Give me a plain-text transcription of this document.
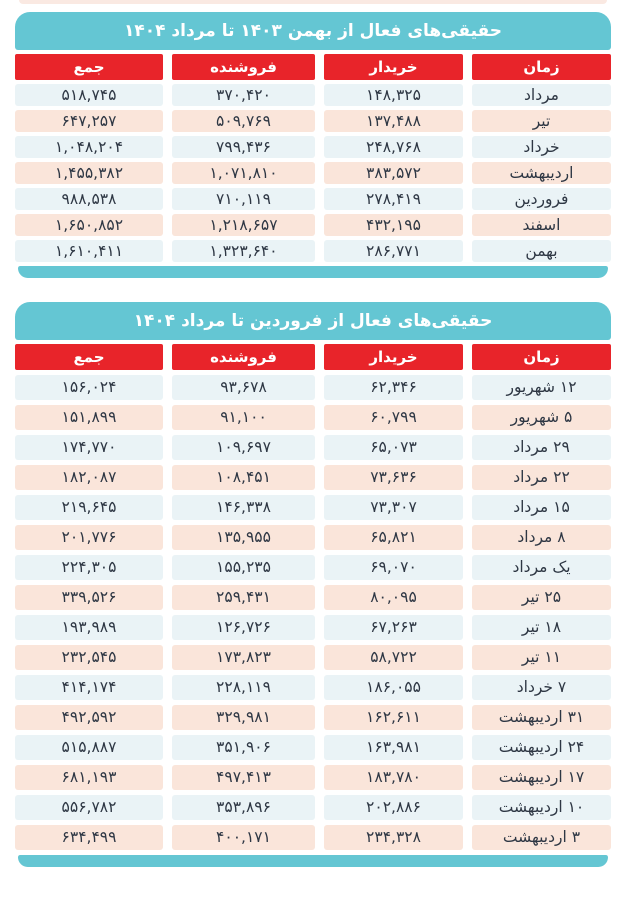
حقیقی‌های فعال از بهمن ۱۴۰۳ تا مرداد ۱۴۰۴
زمان
خریدار
فروشنده
جمع
مرداد
۱۴۸,۳۲۵
۳۷۰,۴۲۰
۵۱۸,۷۴۵
تیر
۱۳۷,۴۸۸
۵۰۹,۷۶۹
۶۴۷,۲۵۷
خرداد
۲۴۸,۷۶۸
۷۹۹,۴۳۶
۱,۰۴۸,۲۰۴
اردیبهشت
۳۸۳,۵۷۲
۱,۰۷۱,۸۱۰
۱,۴۵۵,۳۸۲
فروردین
۲۷۸,۴۱۹
۷۱۰,۱۱۹
۹۸۸,۵۳۸
اسفند
۴۳۲,۱۹۵
۱,۲۱۸,۶۵۷
۱,۶۵۰,۸۵۲
بهمن
۲۸۶,۷۷۱
۱,۳۲۳,۶۴۰
۱,۶۱۰,۴۱۱
حقیقی‌های فعال از فروردین تا مرداد ۱۴۰۴
زمان
خریدار
فروشنده
جمع
۱۲ شهریور
۶۲,۳۴۶
۹۳,۶۷۸
۱۵۶,۰۲۴
۵ شهریور
۶۰,۷۹۹
۹۱,۱۰۰
۱۵۱,۸۹۹
۲۹ مرداد
۶۵,۰۷۳
۱۰۹,۶۹۷
۱۷۴,۷۷۰
۲۲ مرداد
۷۳,۶۳۶
۱۰۸,۴۵۱
۱۸۲,۰۸۷
۱۵ مرداد
۷۳,۳۰۷
۱۴۶,۳۳۸
۲۱۹,۶۴۵
۸ مرداد
۶۵,۸۲۱
۱۳۵,۹۵۵
۲۰۱,۷۷۶
یک مرداد
۶۹,۰۷۰
۱۵۵,۲۳۵
۲۲۴,۳۰۵
۲۵ تیر
۸۰,۰۹۵
۲۵۹,۴۳۱
۳۳۹,۵۲۶
۱۸ تیر
۶۷,۲۶۳
۱۲۶,۷۲۶
۱۹۳,۹۸۹
۱۱ تیر
۵۸,۷۲۲
۱۷۳,۸۲۳
۲۳۲,۵۴۵
۷ خرداد
۱۸۶,۰۵۵
۲۲۸,۱۱۹
۴۱۴,۱۷۴
۳۱ اردیبهشت
۱۶۲,۶۱۱
۳۲۹,۹۸۱
۴۹۲,۵۹۲
۲۴ اردیبهشت
۱۶۳,۹۸۱
۳۵۱,۹۰۶
۵۱۵,۸۸۷
۱۷ اردیبهشت
۱۸۳,۷۸۰
۴۹۷,۴۱۳
۶۸۱,۱۹۳
۱۰ اردیبهشت
۲۰۲,۸۸۶
۳۵۳,۸۹۶
۵۵۶,۷۸۲
۳ اردیبهشت
۲۳۴,۳۲۸
۴۰۰,۱۷۱
۶۳۴,۴۹۹
